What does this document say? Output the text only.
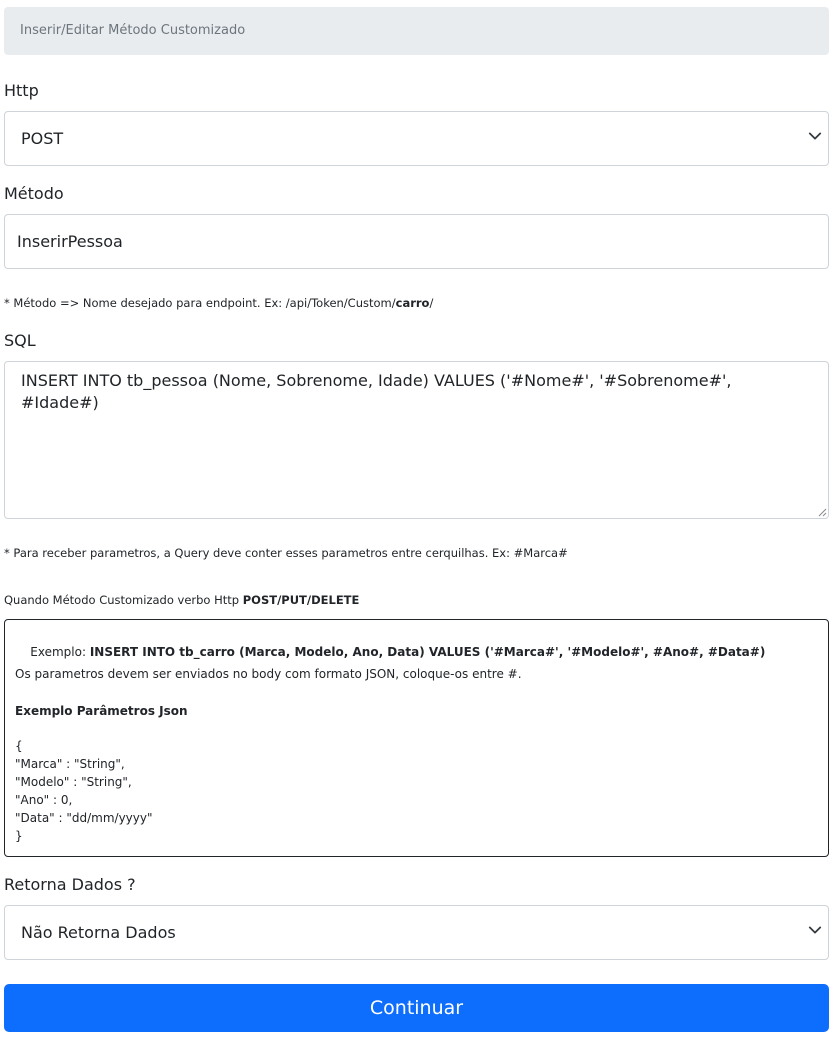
Inserir/Editar Método Customizado
Http
POST
Método
InserirPessoa
* Método => Nome desejado para endpoint. Ex: /api/Token/Custom/carro/
SQL
INSERT INTO tb_pessoa (Nome, Sobrenome, Idade) VALUES ('#Nome#', '#Sobrenome#', #Idade#)
* Para receber parametros, a Query deve conter esses parametros entre cerquilhas. Ex: #Marca#
Quando Método Customizado verbo Http POST/PUT/DELETE

Exemplo: INSERT INTO tb_carro (Marca, Modelo, Ano, Data) VALUES ('#Marca#', '#Modelo#', #Ano#, #Data#)

Os parametros devem ser enviados no body com formato JSON, coloque-os entre #.
Exemplo Parâmetros Json
{
"Marca" : "String",
"Modelo" : "String",
"Ano" : 0,
"Data" : "dd/mm/yyyy"
}
Retorna Dados ?
Não Retorna Dados
Continuar
